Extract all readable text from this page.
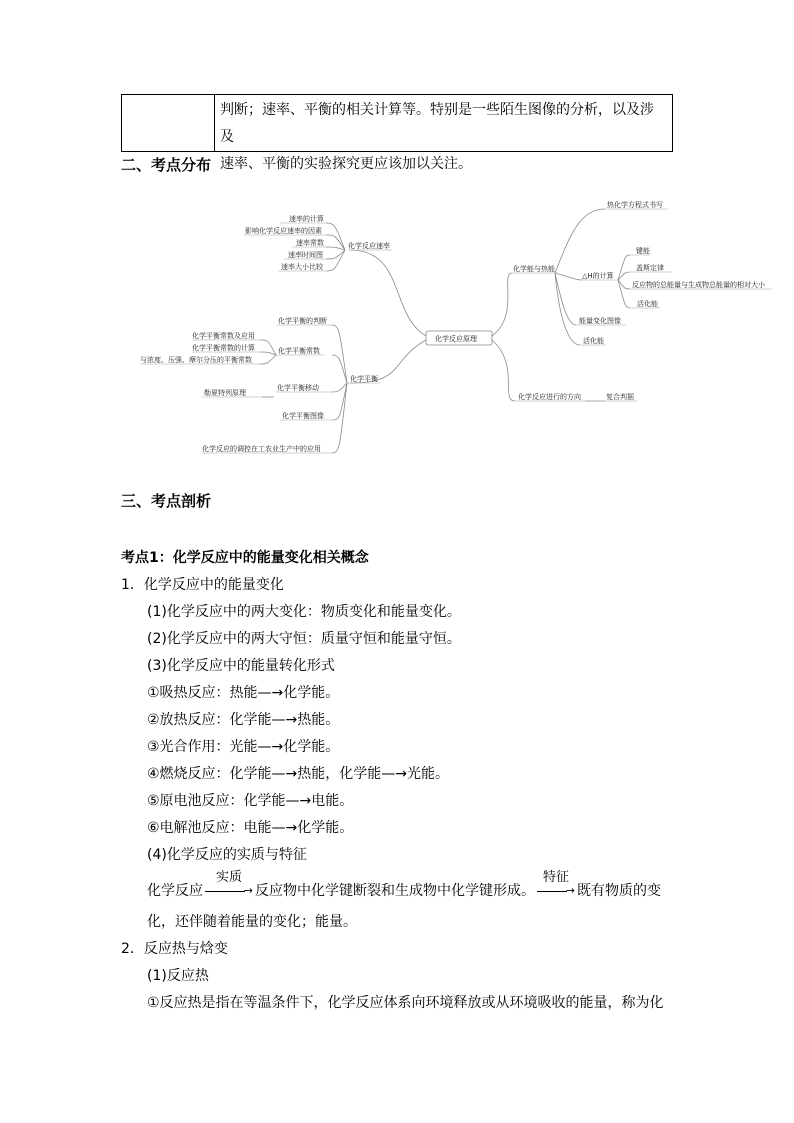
判断；速率、平衡的相关计算等。特别是一些陌生图像的分析，以及涉及
速率、平衡的实验探究更应该加以关注。
二、考点分布
化学反应原理
化学反应速率
速率的计算
影响化学反应速率的因素
速率常数
速率时间图
速率大小比较
化学平衡
化学平衡的判断
化学平衡常数
化学平衡常数及应用
化学平衡常数的计算
与浓度、压强、摩尔分压的平衡常数
化学平衡移动
勒夏特列原理
化学平衡图像
化学反应的调控在工农业生产中的应用
化学能与热能
热化学方程式书写
△H的计算
键能
盖斯定律
反应物的总能量与生成物总能量的相对大小
活化能
能量变化图像
活化能
化学反应进行的方向	复合判据
三、考点剖析
考点1：化学反应中的能量变化相关概念
1．化学反应中的能量变化
(1)化学反应中的两大变化：物质变化和能量变化。
(2)化学反应中的两大守恒：质量守恒和能量守恒。
(3)化学反应中的能量转化形式
①吸热反应：热能—→化学能。
②放热反应：化学能—→热能。
③光合作用：光能—→化学能。
④燃烧反应：化学能—→热能，化学能—→光能。
⑤原电池反应：化学能—→电能。
⑥电解池反应：电能—→化学能。
(4)化学反应的实质与特征
化学反应
实质
→ 反应物中化学键断裂和生成物中化学键形成。
特征
→ 既有物质的变
化，还伴随着能量的变化；能量。
2．反应热与焓变
(1)反应热
①反应热是指在等温条件下，化学反应体系向环境释放或从环境吸收的能量，称为化
